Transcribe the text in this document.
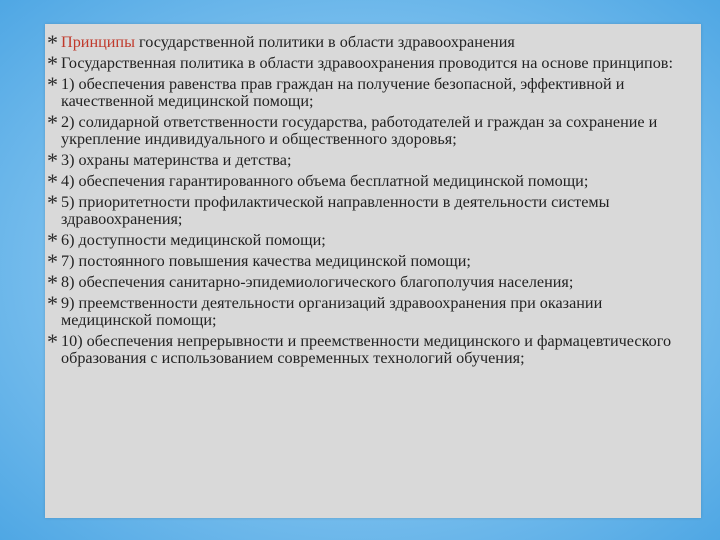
* Принципы государственной политики в области здравоохранения
* Государственная политика в области здравоохранения проводится на основе принципов:
* 1) обеспечения равенства прав граждан на получение безопасной, эффективной и качественной медицинской помощи;
* 2) солидарной ответственности государства, работодателей и граждан за сохранение и укрепление индивидуального и общественного здоровья;
* 3) охраны материнства и детства;
* 4) обеспечения гарантированного объема бесплатной медицинской помощи;
* 5) приоритетности профилактической направленности в деятельности системы здравоохранения;
* 6) доступности медицинской помощи;
* 7) постоянного повышения качества медицинской помощи;
* 8) обеспечения санитарно-эпидемиологического благополучия населения;
* 9) преемственности деятельности организаций здравоохранения при оказании медицинской помощи;
* 10) обеспечения непрерывности и преемственности медицинского и фармацевтического образования с использованием современных технологий обучения;
